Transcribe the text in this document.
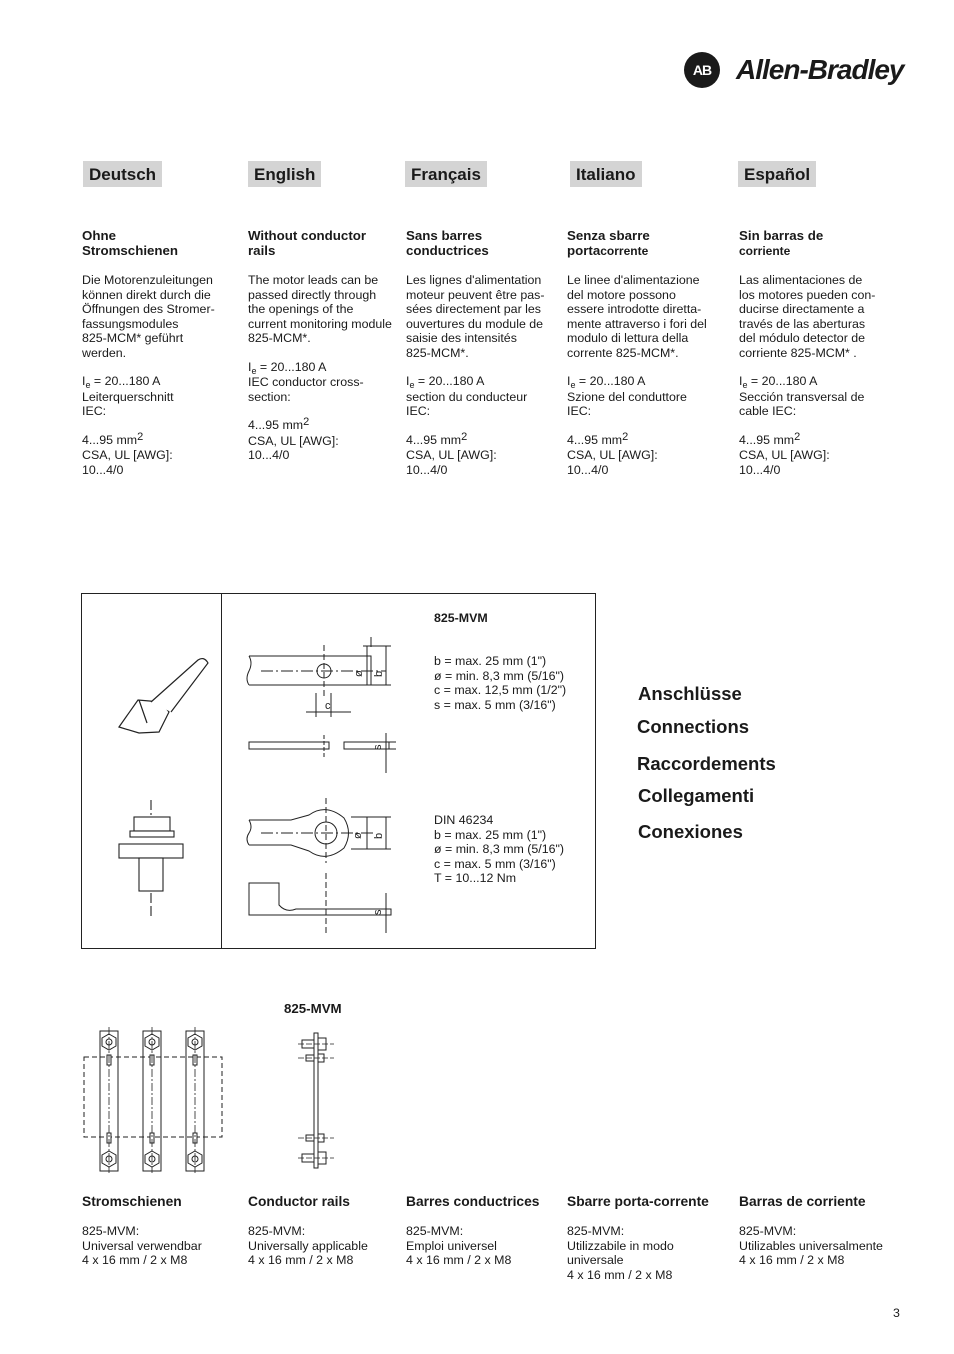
AB Allen-Bradley
Deutsch	English	Français	Italiano	Español
Ohne
Stromschienen

Die Motorenzuleitungen
können direkt durch die
Öffnungen des Stromer-
fassungsmodules
825-MCM* geführt
werden.

$I_e = 20...180$ A

Leiterquerschnitt
IEC:

4...95 mm2

CSA, UL [AWG]:

10...4/0

Without conductor
rails

The motor leads can be
passed directly through
the openings of the
current monitoring module
825-MCM*.

$I_e = 20...180$ A

IEC conductor cross-
section:

4...95 mm2

CSA, UL [AWG]:

10...4/0

Sans barres
conductrices

Les lignes d'alimentation
moteur peuvent être pas-
sées directement par les
ouvertures du module de
saisie des intensités
825-MCM*.

$I_e = 20...180$ A

section du conducteur
IEC:

4...95 mm2

CSA, UL [AWG]:

10...4/0

Senza sbarre
portacorrente

Le linee d'alimentazione
del motore possono
essere introdotte diretta-
mente attraverso i fori del
modulo di lettura della
corrente 825-MCM*.

$I_e = 20...180$ A

Szione del conduttore
IEC:

4...95 mm2

CSA, UL [AWG]:

10...4/0

Sin barras de
corriente

Las alimentaciones de
los motores pueden con-
ducirse directamente a
través de las aberturas
del módulo detector de
corriente 825-MCM* .

$I_e = 20...180$ A

Sección transversal de
cable IEC:

4...95 mm2

CSA, UL [AWG]:

10...4/0

c
ø b
s
ø b
s
825-MVM
b = max. 25 mm (1")
ø = min. 8,3 mm (5/16")
c = max. 12,5 mm (1/2")
s = max. 5 mm (3/16")
DIN 46234
b = max. 25 mm (1")
ø = min. 8,3 mm (5/16")
c = max. 5 mm (3/16")
T = 10...12 Nm
Anschlüsse
Connections
Raccordements
Collegamenti
Conexiones
825-MVM
Stromschienen
825-MVM:
Universal verwendbar
4 x 16 mm / 2 x M8
Conductor rails
825-MVM:
Universally applicable
4 x 16 mm / 2 x M8
Barres conductrices
825-MVM:
Emploi universel
4 x 16 mm / 2 x M8
Sbarre porta-corrente
825-MVM:
Utilizzabile in modo
universale
4 x 16 mm / 2 x M8
Barras de corriente
825-MVM:
Utilizables universalmente
4 x 16 mm / 2 x M8
3
